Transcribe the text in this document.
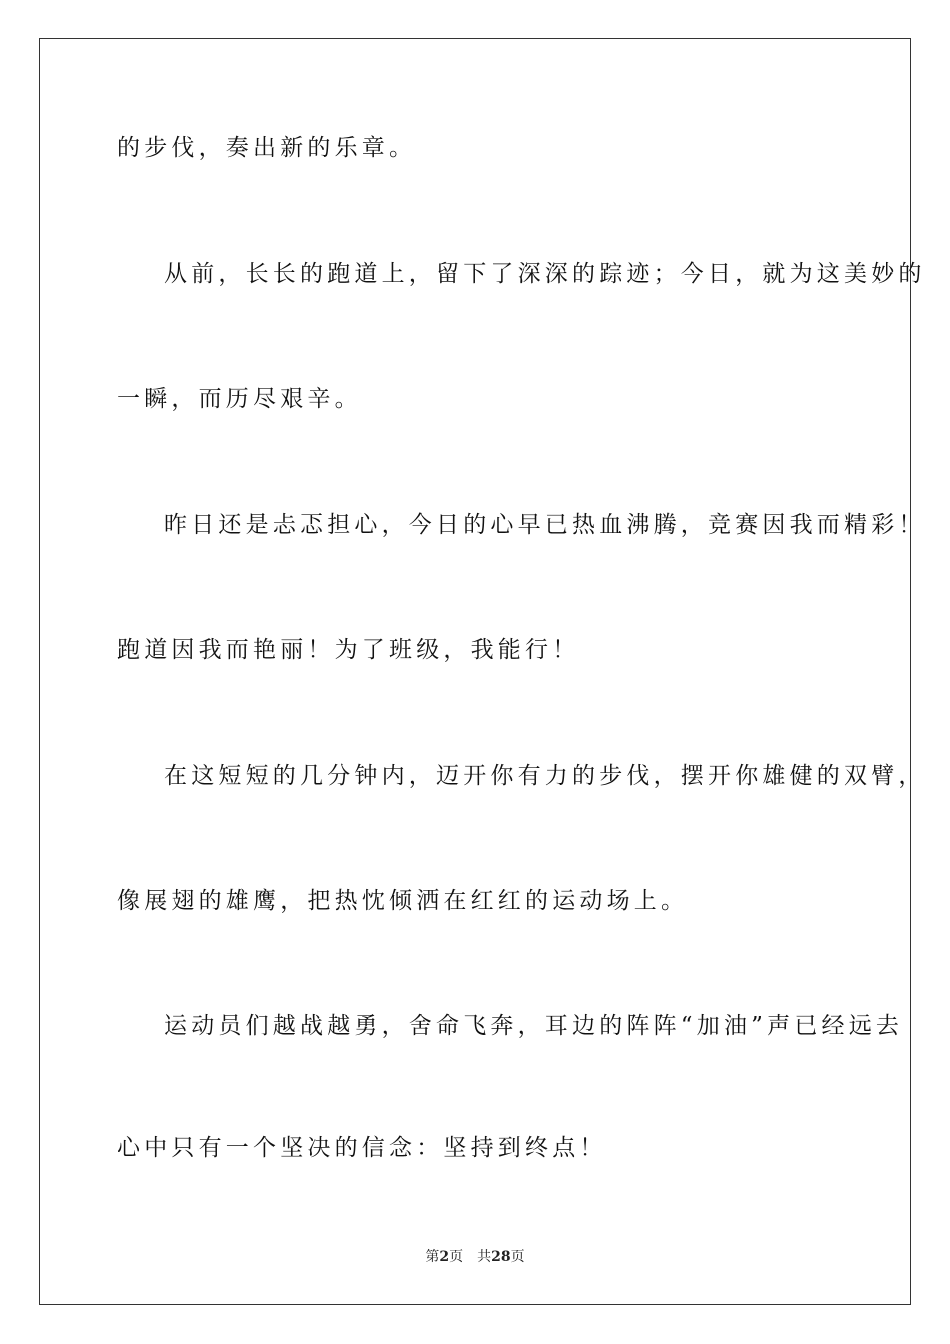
的步伐，奏出新的乐章。
从前，长长的跑道上，留下了深深的踪迹；今日，就为这美妙的
一瞬，而历尽艰辛。
昨日还是忐忑担心，今日的心早已热血沸腾，竞赛因我而精彩！
跑道因我而艳丽！为了班级，我能行！
在这短短的几分钟内，迈开你有力的步伐，摆开你雄健的双臂，
像展翅的雄鹰，把热忱倾洒在红红的运动场上。
运动员们越战越勇，舍命飞奔，耳边的阵阵“加油”声已经远去
心中只有一个坚决的信念：坚持到终点！
第2页 共28页
